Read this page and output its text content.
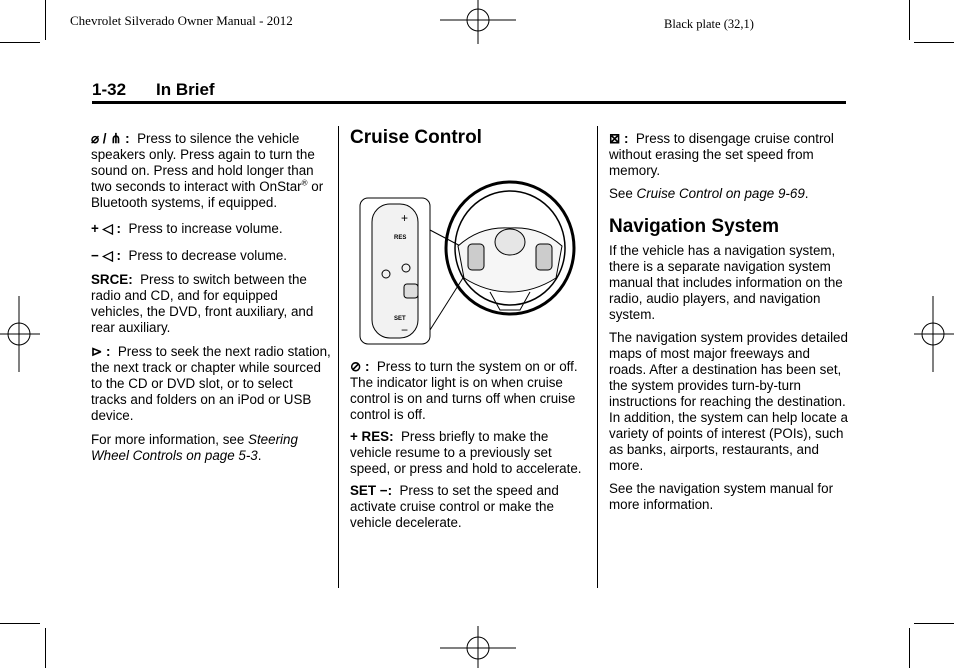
Chevrolet Silverado Owner Manual - 2012	Black plate (32,1)
1-32 In Brief

⌀ / ⋔ :  Press to silence the vehicle speakers only. Press again to turn the sound on. Press and hold longer than two seconds to interact with OnStar® or Bluetooth systems, if equipped.

+ ◁ : Press to increase volume.

− ◁ : Press to decrease volume.

SRCE: Press to switch between the radio and CD, and for equipped vehicles, the DVD, front auxiliary, and rear auxiliary.

⊳ : Press to seek the next radio station, the next track or chapter while sourced to the CD or DVD slot, or to select tracks and folders on an iPod or USB device.

For more information, see Steering Wheel Controls on page 5-3.

Cruise Control
+
RES
SET
−

⊘ : Press to turn the system on or off. The indicator light is on when cruise control is on and turns off when cruise control is off.

+ RES: Press briefly to make the vehicle resume to a previously set speed, or press and hold to accelerate.

SET −: Press to set the speed and activate cruise control or make the vehicle decelerate.

⊠ : Press to disengage cruise control without erasing the set speed from memory.

See Cruise Control on page 9-69.

Navigation System

If the vehicle has a navigation system, there is a separate navigation system manual that includes information on the radio, audio players, and navigation system.

The navigation system provides detailed maps of most major freeways and roads. After a destination has been set, the system provides turn-by-turn instructions for reaching the destination. In addition, the system can help locate a variety of points of interest (POIs), such as banks, airports, restaurants, and more.

See the navigation system manual for more information.
